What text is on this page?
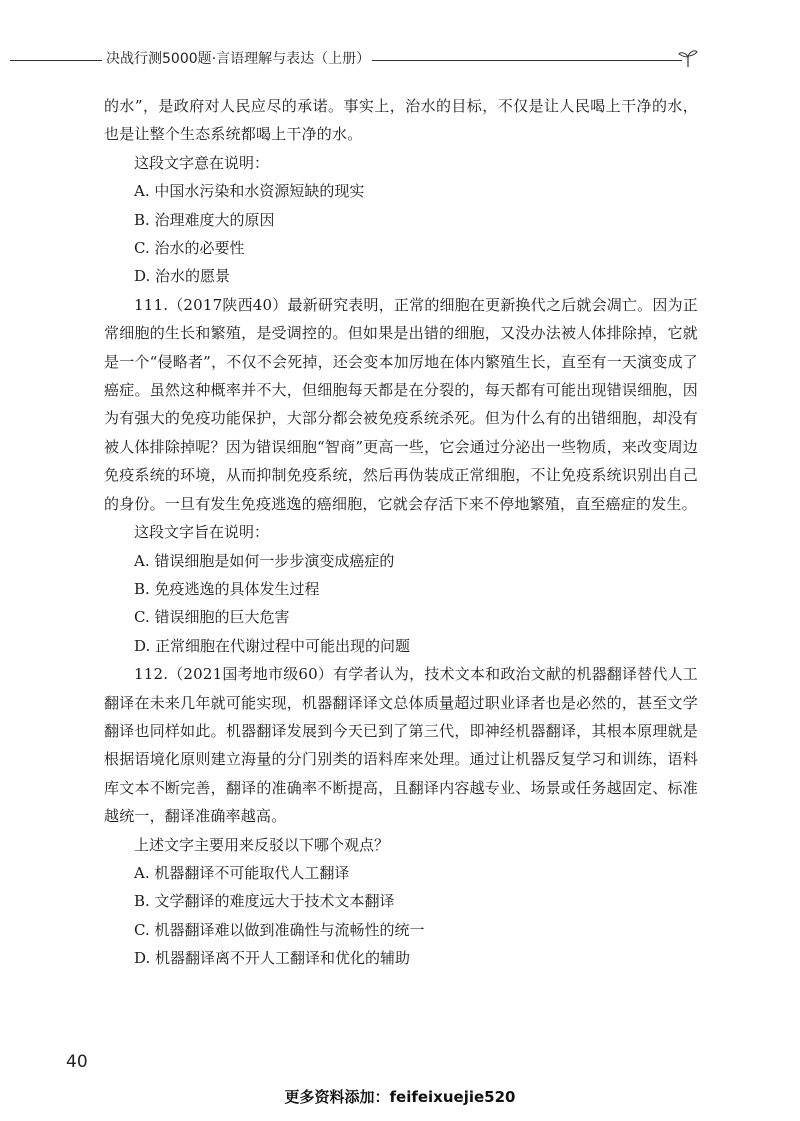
决战行测5000题·言语理解与表达（上册）

的水”，是政府对人民应尽的承诺。事实上，治水的目标，不仅是让人民喝上干净的水，也是让整个生态系统都喝上干净的水。

这段文字意在说明：

A. 中国水污染和水资源短缺的现实

B. 治理难度大的原因

C. 治水的必要性

D. 治水的愿景

111.（2017陕西40）最新研究表明，正常的细胞在更新换代之后就会凋亡。因为正常细胞的生长和繁殖，是受调控的。但如果是出错的细胞，又没办法被人体排除掉，它就是一个“侵略者”，不仅不会死掉，还会变本加厉地在体内繁殖生长，直至有一天演变成了癌症。虽然这种概率并不大，但细胞每天都是在分裂的，每天都有可能出现错误细胞，因为有强大的免疫功能保护，大部分都会被免疫系统杀死。但为什么有的出错细胞，却没有被人体排除掉呢？因为错误细胞“智商”更高一些，它会通过分泌出一些物质，来改变周边免疫系统的环境，从而抑制免疫系统，然后再伪装成正常细胞，不让免疫系统识别出自己的身份。一旦有发生免疫逃逸的癌细胞，它就会存活下来不停地繁殖，直至癌症的发生。

这段文字旨在说明：

A. 错误细胞是如何一步步演变成癌症的

B. 免疫逃逸的具体发生过程

C. 错误细胞的巨大危害

D. 正常细胞在代谢过程中可能出现的问题

112.（2021国考地市级60）有学者认为，技术文本和政治文献的机器翻译替代人工翻译在未来几年就可能实现，机器翻译译文总体质量超过职业译者也是必然的，甚至文学翻译也同样如此。机器翻译发展到今天已到了第三代，即神经机器翻译，其根本原理就是根据语境化原则建立海量的分门别类的语料库来处理。通过让机器反复学习和训练，语料库文本不断完善，翻译的准确率不断提高，且翻译内容越专业、场景或任务越固定、标准越统一，翻译准确率越高。

上述文字主要用来反驳以下哪个观点？

A. 机器翻译不可能取代人工翻译

B. 文学翻译的难度远大于技术文本翻译

C. 机器翻译难以做到准确性与流畅性的统一

D. 机器翻译离不开人工翻译和优化的辅助

40
更多资料添加：feifeixuejie520
